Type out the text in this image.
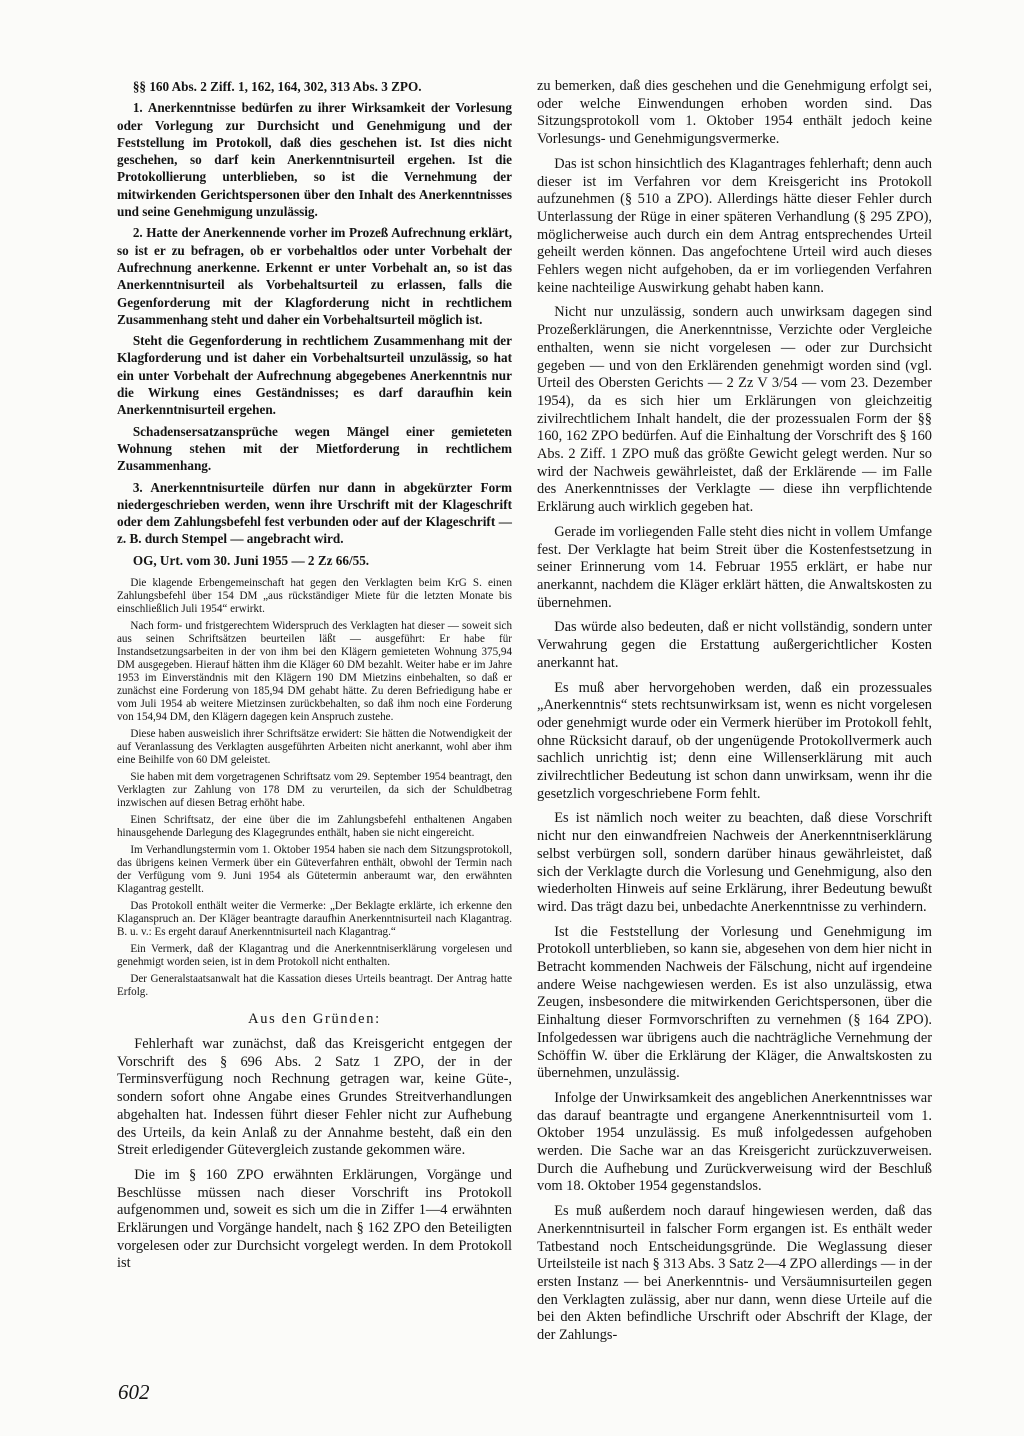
§§ 160 Abs. 2 Ziff. 1, 162, 164, 302, 313 Abs. 3 ZPO.

1. Anerkenntnisse bedürfen zu ihrer Wirksamkeit der Vorlesung oder Vorlegung zur Durchsicht und Genehmigung und der Feststellung im Protokoll, daß dies geschehen ist. Ist dies nicht geschehen, so darf kein Anerkenntnisurteil ergehen. Ist die Protokollierung unterblieben, so ist die Vernehmung der mitwirkenden Gerichtspersonen über den Inhalt des Anerkenntnisses und seine Genehmigung unzulässig.

2. Hatte der Anerkennende vorher im Prozeß Aufrechnung erklärt, so ist er zu befragen, ob er vorbehaltlos oder unter Vorbehalt der Aufrechnung anerkenne. Erkennt er unter Vorbehalt an, so ist das Anerkenntnisurteil als Vorbehaltsurteil zu erlassen, falls die Gegenforderung mit der Klagforderung nicht in rechtlichem Zusammenhang steht und daher ein Vorbehaltsurteil möglich ist.

Steht die Gegenforderung in rechtlichem Zusammenhang mit der Klagforderung und ist daher ein Vorbehaltsurteil unzulässig, so hat ein unter Vorbehalt der Aufrechnung abgegebenes Anerkenntnis nur die Wirkung eines Geständnisses; es darf daraufhin kein Anerkenntnisurteil ergehen.

Schadensersatzansprüche wegen Mängel einer gemieteten Wohnung stehen mit der Mietforderung in rechtlichem Zusammenhang.

3. Anerkenntnisurteile dürfen nur dann in abgekürzter Form niedergeschrieben werden, wenn ihre Urschrift mit der Klageschrift oder dem Zahlungsbefehl fest verbunden oder auf der Klageschrift — z. B. durch Stempel — angebracht wird.

OG, Urt. vom 30. Juni 1955 — 2 Zz 66/55.

Die klagende Erbengemeinschaft hat gegen den Verklagten beim KrG S. einen Zahlungsbefehl über 154 DM „aus rückständiger Miete für die letzten Monate bis einschließlich Juli 1954“ erwirkt.

Nach form- und fristgerechtem Widerspruch des Verklagten hat dieser — soweit sich aus seinen Schriftsätzen beurteilen läßt — ausgeführt: Er habe für Instandsetzungsarbeiten in der von ihm bei den Klägern gemieteten Wohnung 375,94 DM ausgegeben. Hierauf hätten ihm die Kläger 60 DM bezahlt. Weiter habe er im Jahre 1953 im Einverständnis mit den Klägern 190 DM Mietzins einbehalten, so daß er zunächst eine Forderung von 185,94 DM gehabt hätte. Zu deren Befriedigung habe er vom Juli 1954 ab weitere Mietzinsen zurückbehalten, so daß ihm noch eine Forderung von 154,94 DM, den Klägern dagegen kein Anspruch zustehe.

Diese haben ausweislich ihrer Schriftsätze erwidert: Sie hätten die Notwendigkeit der auf Veranlassung des Verklagten ausgeführten Arbeiten nicht anerkannt, wohl aber ihm eine Beihilfe von 60 DM geleistet.

Sie haben mit dem vorgetragenen Schriftsatz vom 29. September 1954 beantragt, den Verklagten zur Zahlung von 178 DM zu verurteilen, da sich der Schuldbetrag inzwischen auf diesen Betrag erhöht habe.

Einen Schriftsatz, der eine über die im Zahlungsbefehl enthaltenen Angaben hinausgehende Darlegung des Klagegrundes enthält, haben sie nicht eingereicht.

Im Verhandlungstermin vom 1. Oktober 1954 haben sie nach dem Sitzungsprotokoll, das übrigens keinen Vermerk über ein Güteverfahren enthält, obwohl der Termin nach der Verfügung vom 9. Juni 1954 als Gütetermin anberaumt war, den erwähnten Klagantrag gestellt.

Das Protokoll enthält weiter die Vermerke: „Der Beklagte erklärte, ich erkenne den Klaganspruch an. Der Kläger beantragte daraufhin Anerkenntnisurteil nach Klagantrag. B. u. v.: Es ergeht darauf Anerkenntnisurteil nach Klagantrag.“

Ein Vermerk, daß der Klagantrag und die Anerkenntniserklärung vorgelesen und genehmigt worden seien, ist in dem Protokoll nicht enthalten.

Der Generalstaatsanwalt hat die Kassation dieses Urteils beantragt. Der Antrag hatte Erfolg.

Aus den Gründen:

Fehlerhaft war zunächst, daß das Kreisgericht entgegen der Vorschrift des § 696 Abs. 2 Satz 1 ZPO, der in der Terminsverfügung noch Rechnung getragen war, keine Güte-, sondern sofort ohne Angabe eines Grundes Streitverhandlungen abgehalten hat. Indessen führt dieser Fehler nicht zur Aufhebung des Urteils, da kein Anlaß zu der Annahme besteht, daß ein den Streit erledigender Gütevergleich zustande gekommen wäre.

Die im § 160 ZPO erwähnten Erklärungen, Vorgänge und Beschlüsse müssen nach dieser Vorschrift ins Protokoll aufgenommen und, soweit es sich um die in Ziffer 1—4 erwähnten Erklärungen und Vorgänge handelt, nach § 162 ZPO den Beteiligten vorgelesen oder zur Durchsicht vorgelegt werden. In dem Protokoll ist

zu bemerken, daß dies geschehen und die Genehmigung erfolgt sei, oder welche Einwendungen erhoben worden sind. Das Sitzungsprotokoll vom 1. Oktober 1954 enthält jedoch keine Vorlesungs- und Genehmigungsvermerke.

Das ist schon hinsichtlich des Klagantrages fehlerhaft; denn auch dieser ist im Verfahren vor dem Kreisgericht ins Protokoll aufzunehmen (§ 510 a ZPO). Allerdings hätte dieser Fehler durch Unterlassung der Rüge in einer späteren Verhandlung (§ 295 ZPO), möglicherweise auch durch ein dem Antrag entsprechendes Urteil geheilt werden können. Das angefochtene Urteil wird auch dieses Fehlers wegen nicht aufgehoben, da er im vorliegenden Verfahren keine nachteilige Auswirkung gehabt haben kann.

Nicht nur unzulässig, sondern auch unwirksam dagegen sind Prozeßerklärungen, die Anerkenntnisse, Verzichte oder Vergleiche enthalten, wenn sie nicht vorgelesen — oder zur Durchsicht gegeben — und von den Erklärenden genehmigt worden sind (vgl. Urteil des Obersten Gerichts — 2 Zz V 3/54 — vom 23. Dezember 1954), da es sich hier um Erklärungen von gleichzeitig zivilrechtlichem Inhalt handelt, die der prozessualen Form der §§ 160, 162 ZPO bedürfen. Auf die Einhaltung der Vorschrift des § 160 Abs. 2 Ziff. 1 ZPO muß das größte Gewicht gelegt werden. Nur so wird der Nachweis gewährleistet, daß der Erklärende — im Falle des Anerkenntnisses der Verklagte — diese ihn verpflichtende Erklärung auch wirklich gegeben hat.

Gerade im vorliegenden Falle steht dies nicht in vollem Umfange fest. Der Verklagte hat beim Streit über die Kostenfestsetzung in seiner Erinnerung vom 14. Februar 1955 erklärt, er habe nur anerkannt, nachdem die Kläger erklärt hätten, die Anwaltskosten zu übernehmen.

Das würde also bedeuten, daß er nicht vollständig, sondern unter Verwahrung gegen die Erstattung außergerichtlicher Kosten anerkannt hat.

Es muß aber hervorgehoben werden, daß ein prozessuales „Anerkenntnis“ stets rechtsunwirksam ist, wenn es nicht vorgelesen oder genehmigt wurde oder ein Vermerk hierüber im Protokoll fehlt, ohne Rücksicht darauf, ob der ungenügende Protokollvermerk auch sachlich unrichtig ist; denn eine Willenserklärung mit auch zivilrechtlicher Bedeutung ist schon dann unwirksam, wenn ihr die gesetzlich vorgeschriebene Form fehlt.

Es ist nämlich noch weiter zu beachten, daß diese Vorschrift nicht nur den einwandfreien Nachweis der Anerkenntniserklärung selbst verbürgen soll, sondern darüber hinaus gewährleistet, daß sich der Verklagte durch die Vorlesung und Genehmigung, also den wiederholten Hinweis auf seine Erklärung, ihrer Bedeutung bewußt wird. Das trägt dazu bei, unbedachte Anerkenntnisse zu verhindern.

Ist die Feststellung der Vorlesung und Genehmigung im Protokoll unterblieben, so kann sie, abgesehen von dem hier nicht in Betracht kommenden Nachweis der Fälschung, nicht auf irgendeine andere Weise nachgewiesen werden. Es ist also unzulässig, etwa Zeugen, insbesondere die mitwirkenden Gerichtspersonen, über die Einhaltung dieser Formvorschriften zu vernehmen (§ 164 ZPO). Infolgedessen war übrigens auch die nachträgliche Vernehmung der Schöffin W. über die Erklärung der Kläger, die Anwaltskosten zu übernehmen, unzulässig.

Infolge der Unwirksamkeit des angeblichen Anerkenntnisses war das darauf beantragte und ergangene Anerkenntnisurteil vom 1. Oktober 1954 unzulässig. Es muß infolgedessen aufgehoben werden. Die Sache war an das Kreisgericht zurückzuverweisen. Durch die Aufhebung und Zurückverweisung wird der Beschluß vom 18. Oktober 1954 gegenstandslos.

Es muß außerdem noch darauf hingewiesen werden, daß das Anerkenntnisurteil in falscher Form ergangen ist. Es enthält weder Tatbestand noch Entscheidungsgründe. Die Weglassung dieser Urteilsteile ist nach § 313 Abs. 3 Satz 2—4 ZPO allerdings — in der ersten Instanz — bei Anerkenntnis- und Versäumnisurteilen gegen den Verklagten zulässig, aber nur dann, wenn diese Urteile auf die bei den Akten befindliche Urschrift oder Abschrift der Klage, der der Zahlungs-

602
